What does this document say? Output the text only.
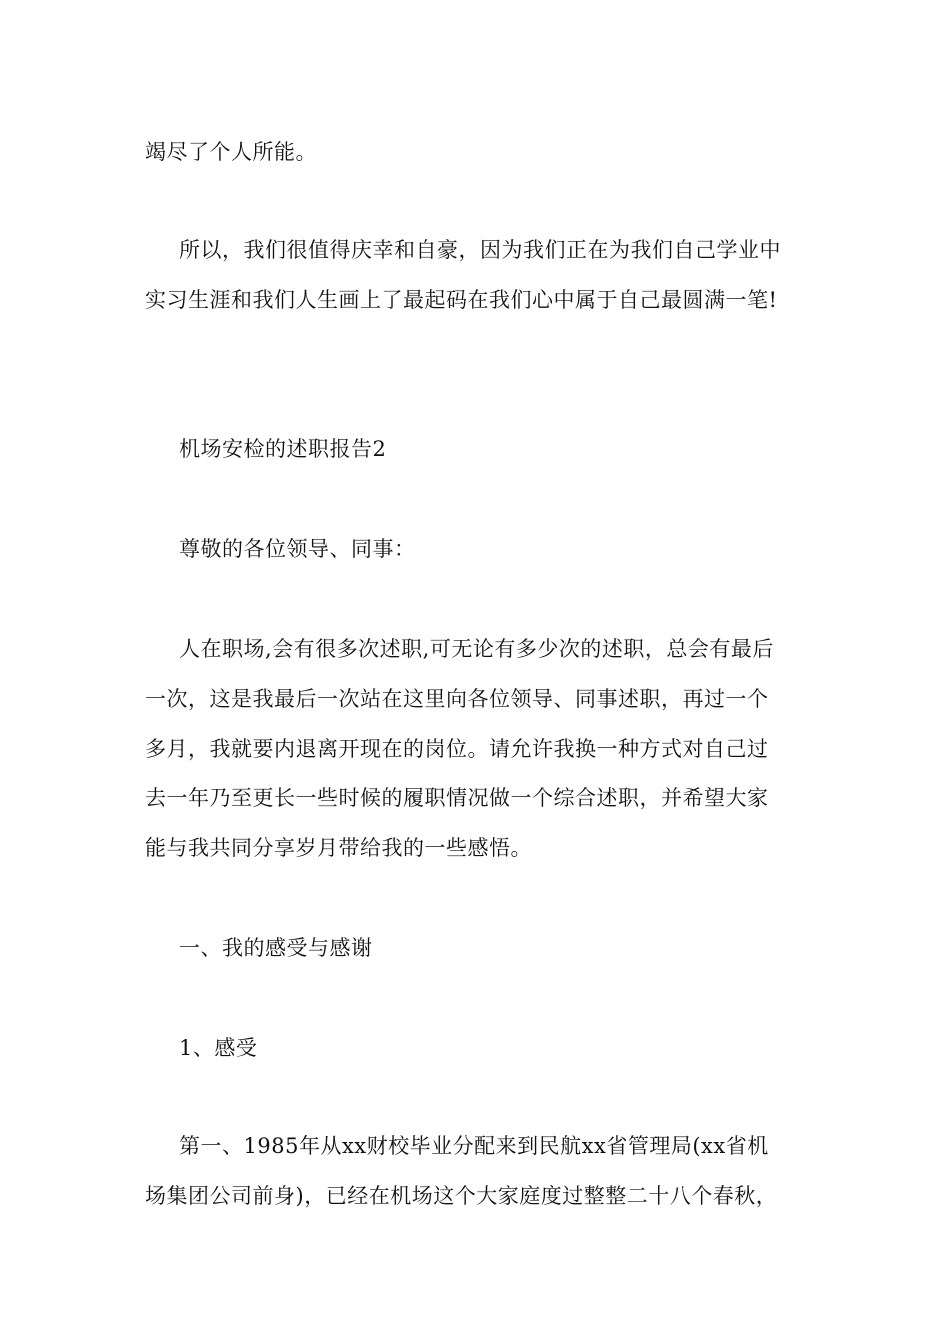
竭尽了个人所能。
所以，我们很值得庆幸和自豪，因为我们正在为我们自己学业中
实习生涯和我们人生画上了最起码在我们心中属于自己最圆满一笔!
机场安检的述职报告2
尊敬的各位领导、同事：
人在职场,会有很多次述职,可无论有多少次的述职，总会有最后
一次，这是我最后一次站在这里向各位领导、同事述职，再过一个
多月，我就要内退离开现在的岗位。请允许我换一种方式对自己过
去一年乃至更长一些时候的履职情况做一个综合述职，并希望大家
能与我共同分享岁月带给我的一些感悟。
一、我的感受与感谢
1、感受
第一、1985年从xx财校毕业分配来到民航xx省管理局(xx省机
场集团公司前身)，已经在机场这个大家庭度过整整二十八个春秋，
